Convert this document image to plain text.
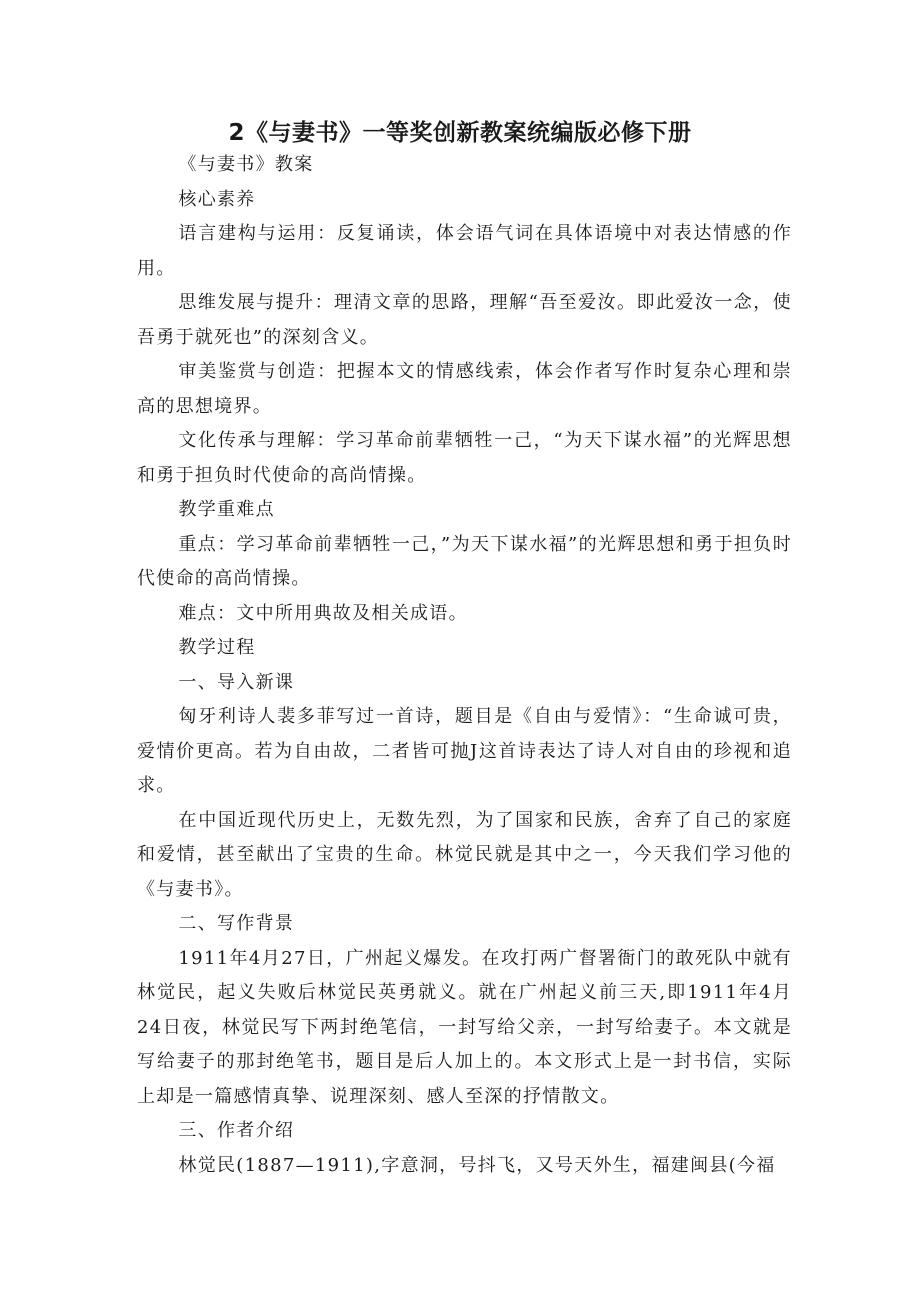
2《与妻书》一等奖创新教案统编版必修下册

《与妻书》教案

核心素养

语言建构与运用：反复诵读，体会语气词在具体语境中对表达情感的作用。

思维发展与提升：理清文章的思路，理解“吾至爱汝。即此爱汝一念，使吾勇于就死也”的深刻含义。

审美鉴赏与创造：把握本文的情感线索，体会作者写作时复杂心理和崇高的思想境界。

文化传承与理解：学习革命前辈牺牲一己，“为天下谋水福”的光辉思想和勇于担负时代使命的高尚情操。

教学重难点

重点：学习革命前辈牺牲一己，”为天下谋水福”的光辉思想和勇于担负时代使命的高尚情操。

难点：文中所用典故及相关成语。

教学过程

一、导入新课

匈牙利诗人裴多菲写过一首诗，题目是《自由与爱情》：“生命诚可贵，爱情价更高。若为自由故，二者皆可抛J这首诗表达了诗人对自由的珍视和追求。

在中国近现代历史上，无数先烈，为了国家和民族，舍弃了自己的家庭和爱情，甚至献出了宝贵的生命。林觉民就是其中之一，今天我们学习他的《与妻书》。

二、写作背景

1911年4月27日，广州起义爆发。在攻打两广督署衙门的敢死队中就有林觉民，起义失败后林觉民英勇就义。就在广州起义前三天,即1911年4月24日夜，林觉民写下两封绝笔信，一封写给父亲，一封写给妻子。本文就是写给妻子的那封绝笔书，题目是后人加上的。本文形式上是一封书信，实际上却是一篇感情真挚、说理深刻、感人至深的抒情散文。

三、作者介绍

林觉民(1887—1911),字意洞，号抖飞，又号天外生，福建闽县(今福
